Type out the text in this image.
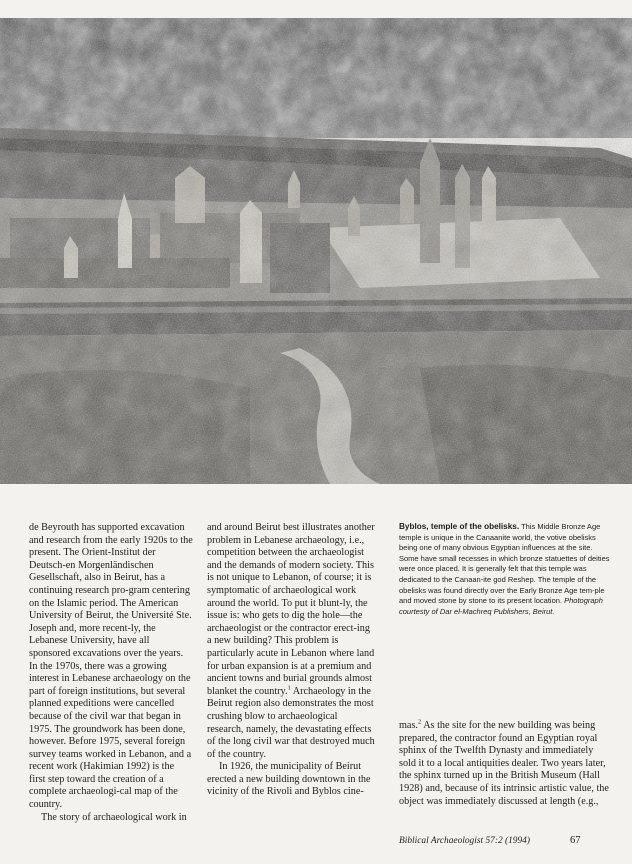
de Beyrouth has supported excavation and research from the early 1920s to the present. The Orient-Institut der Deutsch-en Morgenländischen Gesellschaft, also in Beirut, has a continuing research pro-gram centering on the Islamic period. The American University of Beirut, the Université Ste. Joseph and, more recent-ly, the Lebanese University, have all sponsored excavations over the years. In the 1970s, there was a growing interest in Lebanese archaeology on the part of foreign institutions, but several planned expeditions were cancelled because of the civil war that began in 1975. The groundwork has been done, however. Before 1975, several foreign survey teams worked in Lebanon, and a recent work (Hakimian 1992) is the first step toward the creation of a complete archaeologi-cal map of the country.

The story of archaeological work in

and around Beirut best illustrates another problem in Lebanese archaeology, i.e., competition between the archaeologist and the demands of modern society. This is not unique to Lebanon, of course; it is symptomatic of archaeological work around the world. To put it blunt-ly, the issue is: who gets to dig the hole—the archaeologist or the contractor erect-ing a new building? This problem is particularly acute in Lebanon where land for urban expansion is at a premium and ancient towns and burial grounds almost blanket the country.$^1$ Archaeology in the Beirut region also demonstrates the most crushing blow to archaeological research, namely, the devastating effects of the long civil war that destroyed much of the country.

In 1926, the municipality of Beirut erected a new building downtown in the vicinity of the Rivoli and Byblos cine-

Byblos, temple of the obelisks. This Middle Bronze Age temple is unique in the Canaanite world, the votive obelisks being one of many obvious Egyptian influences at the site. Some have small recesses in which bronze statuettes of deities were once placed. It is generally felt that this temple was dedicated to the Canaan-ite god Reshep. The temple of the obelisks was found directly over the Early Bronze Age tem-ple and moved stone by stone to its present location. Photograph courtesty of Dar el-Machreq Publishers, Beirut.

mas.$^2$ As the site for the new building was being prepared, the contractor found an Egyptian royal sphinx of the Twelfth Dynasty and immediately sold it to a local antiquities dealer. Two years later, the sphinx turned up in the British Museum (Hall 1928) and, because of its intrinsic artistic value, the object was immediately discussed at length (e.g.,

Biblical Archaeologist 57:2 (1994)	67
